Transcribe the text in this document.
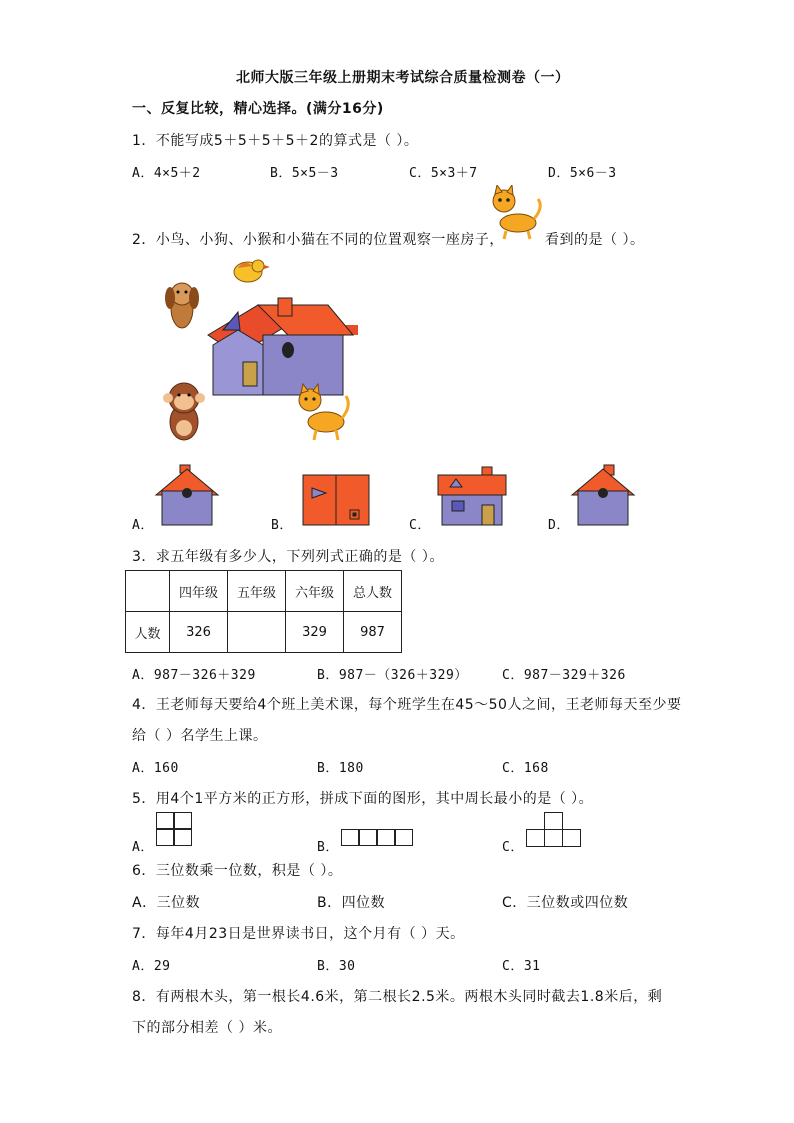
北师大版三年级上册期末考试综合质量检测卷（一）
一、反复比较，精心选择。(满分16分)
1．不能写成5＋5＋5＋5＋2的算式是（ ）。
A．4×5＋2	B．5×5－3	C．5×3＋7	D．5×6－3
2．小鸟、小狗、小猴和小猫在不同的位置观察一座房子，	看到的是（ ）。
A．	B．	C．	D．
3．求五年级有多少人，下列列式正确的是（ ）。
	四年级	五年级	六年级	总人数
人数	326		329	987
A．987－326＋329	B．987－（326＋329）	C．987－329＋326
4．王老师每天要给4个班上美术课，每个班学生在45～50人之间，王老师每天至少要
给（ ）名学生上课。
A．160	B．180	C．168
5．用4个1平方米的正方形，拼成下面的图形，其中周长最小的是（ ）。
A．	B．	C．
6．三位数乘一位数，积是（ ）。
A．三位数	B．四位数	C．三位数或四位数
7．每年4月23日是世界读书日，这个月有（ ）天。
A．29	B．30	C．31
8．有两根木头，第一根长4.6米，第二根长2.5米。两根木头同时截去1.8米后，剩
下的部分相差（ ）米。
